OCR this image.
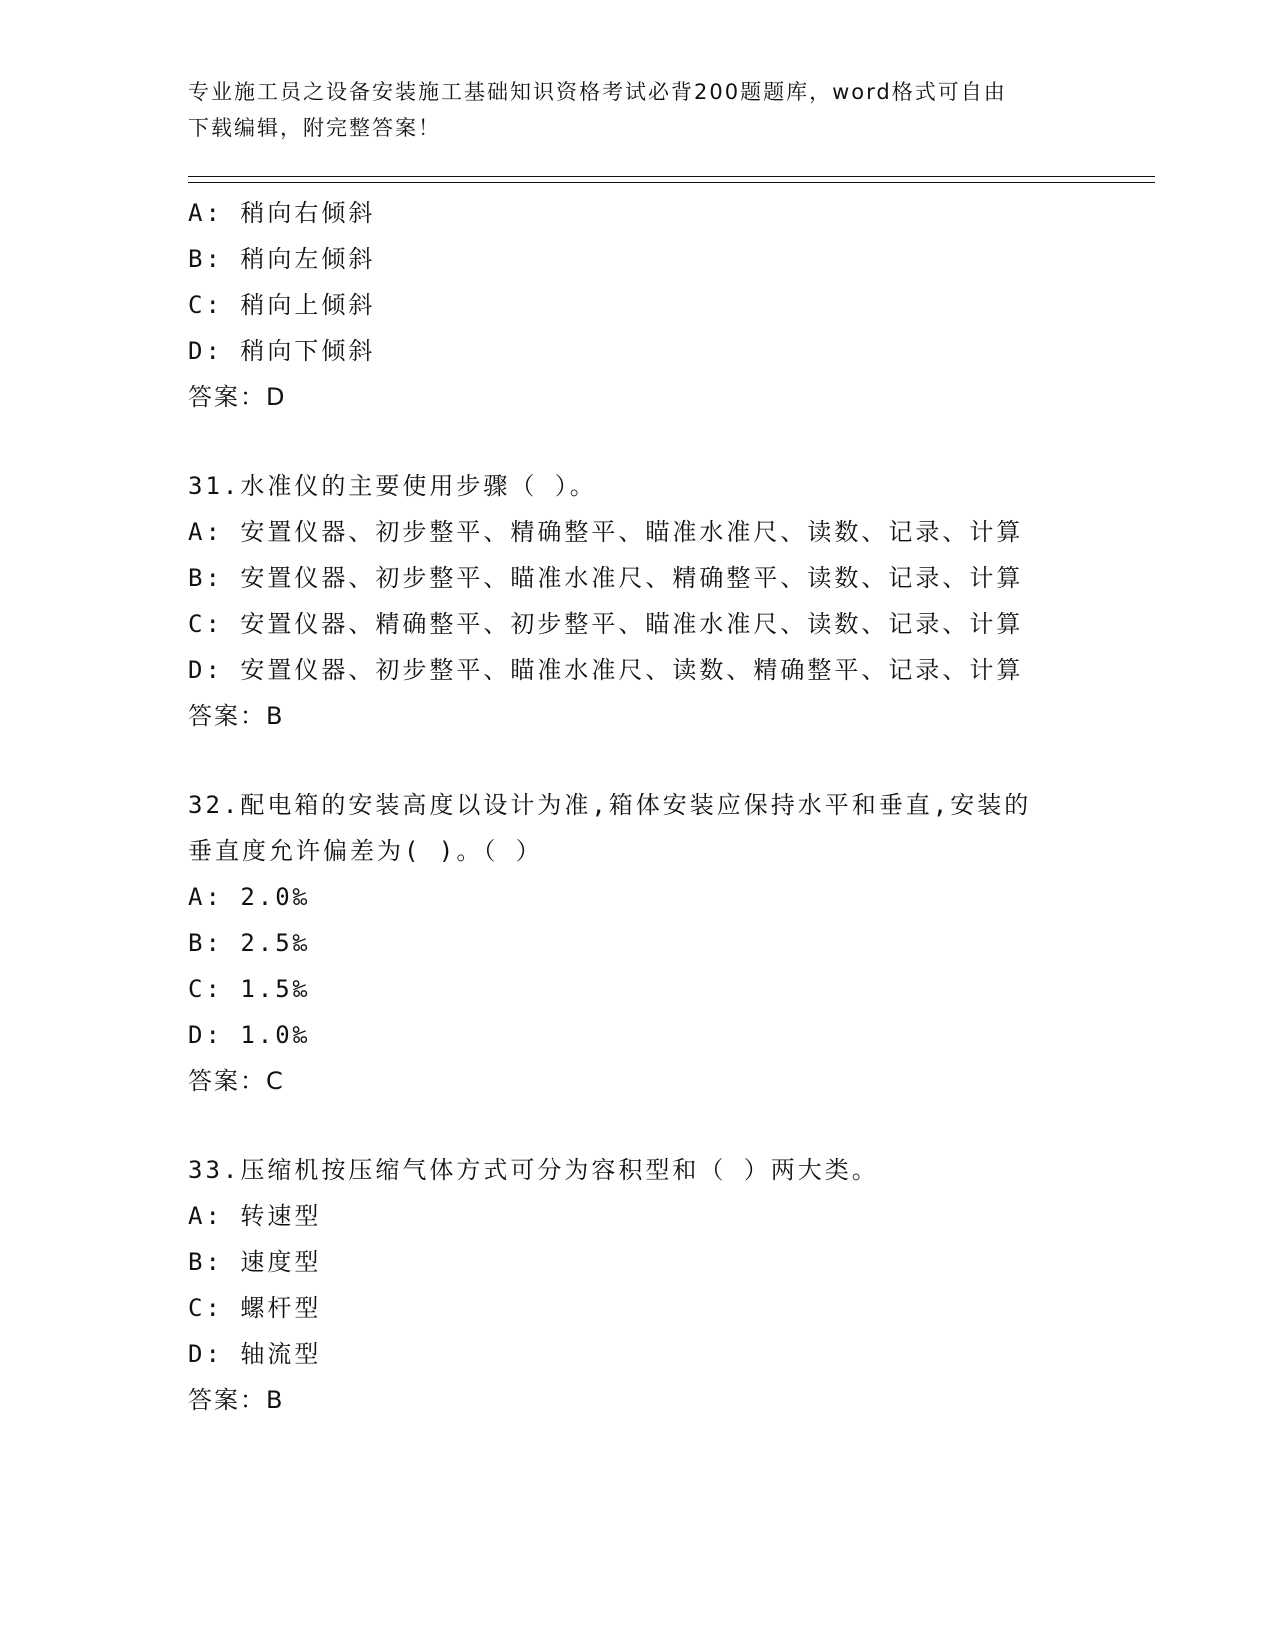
专业施工员之设备安装施工基础知识资格考试必背200题题库，word格式可自由
下载编辑，附完整答案！
A: 稍向右倾斜
B: 稍向左倾斜
C: 稍向上倾斜
D: 稍向下倾斜
答案：D
31.水准仪的主要使用步骤（ ）。
A: 安置仪器、初步整平、精确整平、瞄准水准尺、读数、记录、计算
B: 安置仪器、初步整平、瞄准水准尺、精确整平、读数、记录、计算
C: 安置仪器、精确整平、初步整平、瞄准水准尺、读数、记录、计算
D: 安置仪器、初步整平、瞄准水准尺、读数、精确整平、记录、计算
答案：B
32.配电箱的安装高度以设计为准,箱体安装应保持水平和垂直,安装的
垂直度允许偏差为( )。（ ）
A: 2.0‰
B: 2.5‰
C: 1.5‰
D: 1.0‰
答案：C
33.压缩机按压缩气体方式可分为容积型和（ ）两大类。
A: 转速型
B: 速度型
C: 螺杆型
D: 轴流型
答案：B
